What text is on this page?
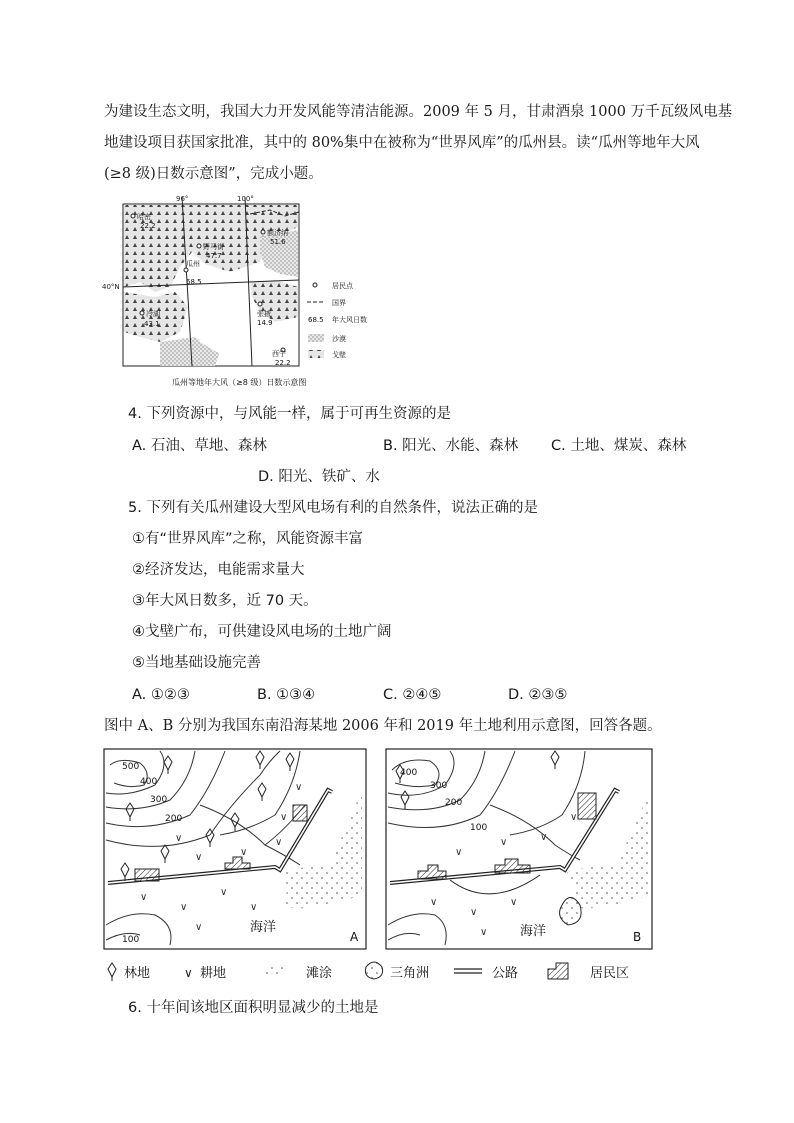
为建设生态文明，我国大力开发风能等清洁能源。2009 年 5 月，甘肃酒泉 1000 万千瓦级风电基
地建设项目获国家批准，其中的 80%集中在被称为“世界风库”的瓜州县。读“瓜州等地年大风
(≥8 级)日数示意图”，完成小题。
96°	100°
40°N
哈密
22.2
额济纳
51.6
野马街
47.7
瓜州
68.5
冷湖
43.1
张掖
14.9
西宁
22.2
居民点
国界
68.5 年大风日数
沙漠
戈壁
瓜州等地年大风（≥8 级）日数示意图
4. 下列资源中，与风能一样，属于可再生资源的是
A. 石油、草地、森林	B. 阳光、水能、森林 C. 土地、煤炭、森林
D. 阳光、铁矿、水
5. 下列有关瓜州建设大型风电场有利的自然条件，说法正确的是
①有“世界风库”之称，风能资源丰富
②经济发达，电能需求量大
③年大风日数多，近 70 天。
④戈壁广布，可供建设风电场的土地广阔
⑤当地基础设施完善
A. ①②③	B. ①③④	C. ②④⑤	D. ②③⑤
图中 A、B 分别为我国东南沿海某地 2006 年和 2019 年土地利用示意图，回答各题。
500
400
300
200
100
∨
∨	∨
∨
∨
∨
∨
∨
∨
∨
∨	海洋
A
400
300
200
100
∨
∨	∨
∨
∨
∨
∨
∨	海洋	B
林地	∨ 耕地	滩涂	三角洲	公路	居民区
6. 十年间该地区面积明显减少的土地是
